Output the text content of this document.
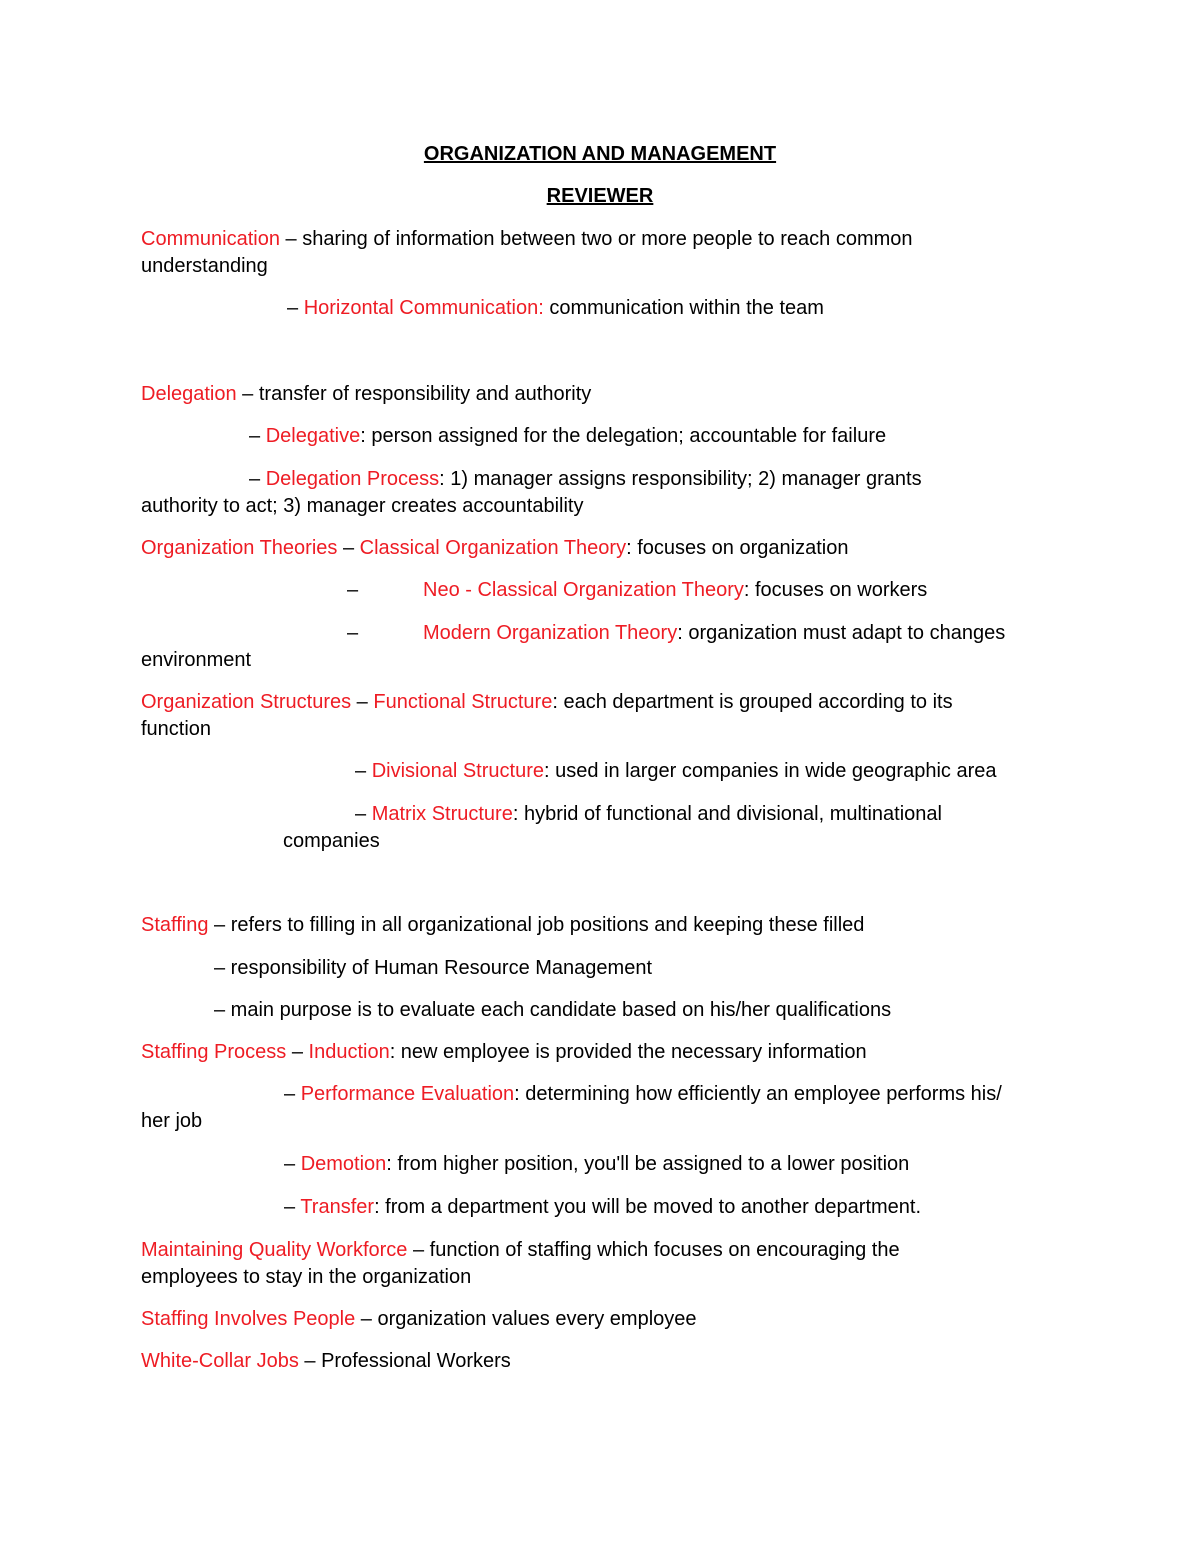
ORGANIZATION AND MANAGEMENT
REVIEWER
Communication – sharing of information between two or more people to reach common
understanding
– Horizontal Communication: communication within the team
Delegation – transfer of responsibility and authority
– Delegative: person assigned for the delegation; accountable for failure
– Delegation Process: 1) manager assigns responsibility; 2) manager grants
authority to act; 3) manager creates accountability
Organization Theories – Classical Organization Theory: focuses on organization
–	Neo - Classical Organization Theory: focuses on workers
–	Modern Organization Theory: organization must adapt to changes
environment
Organization Structures – Functional Structure: each department is grouped according to its
function
– Divisional Structure: used in larger companies in wide geographic area
– Matrix Structure: hybrid of functional and divisional, multinational
companies
Staffing – refers to filling in all organizational job positions and keeping these filled
– responsibility of Human Resource Management
– main purpose is to evaluate each candidate based on his/her qualifications
Staffing Process – Induction: new employee is provided the necessary information
– Performance Evaluation: determining how efficiently an employee performs his/
her job
– Demotion: from higher position, you'll be assigned to a lower position
– Transfer: from a department you will be moved to another department.
Maintaining Quality Workforce – function of staffing which focuses on encouraging the
employees to stay in the organization
Staffing Involves People – organization values every employee
White-Collar Jobs – Professional Workers
